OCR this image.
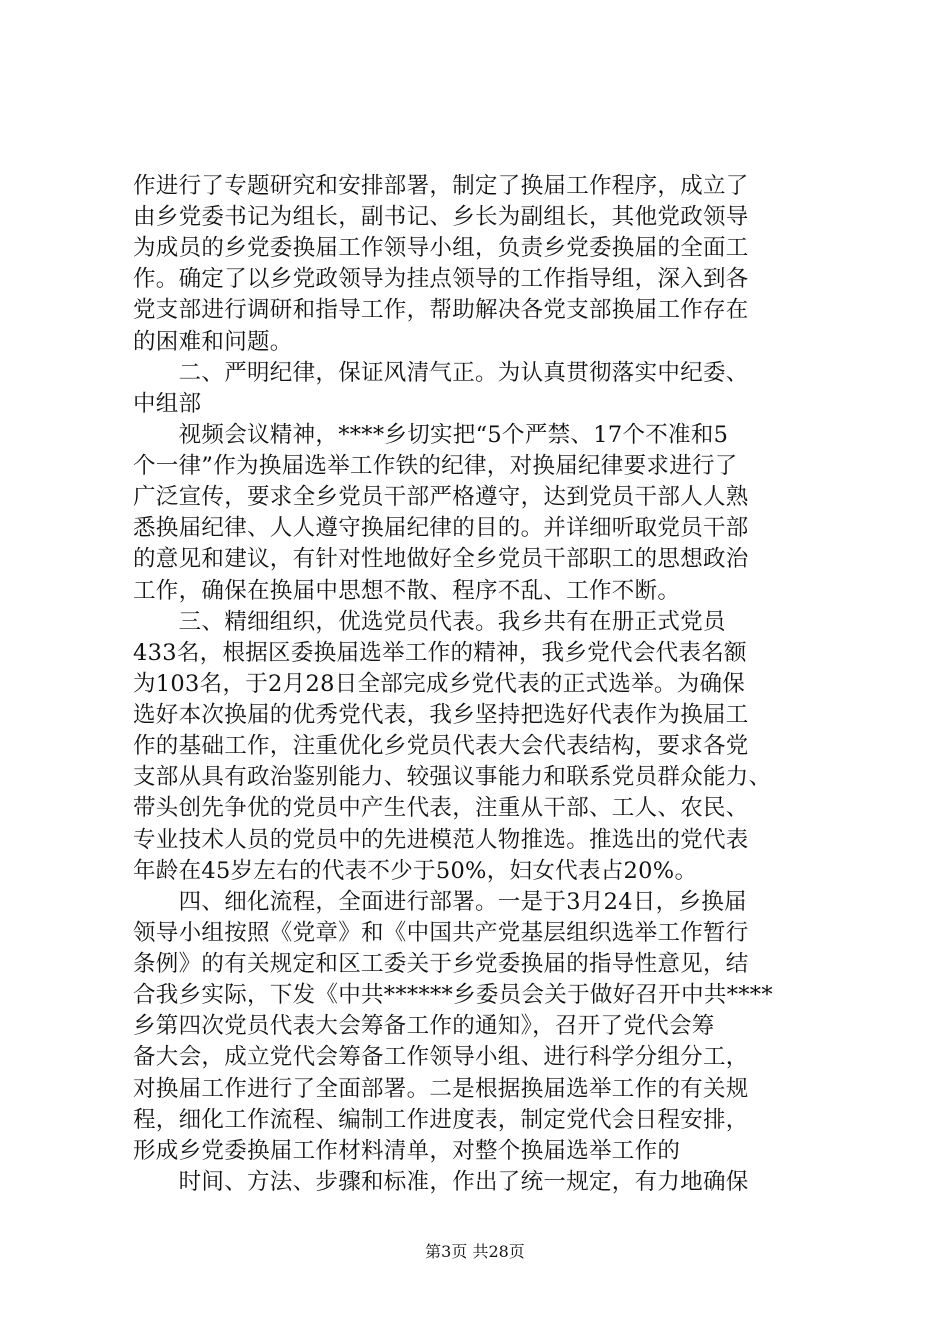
作进行了专题研究和安排部署，制定了换届工作程序，成立了
由乡党委书记为组长，副书记、乡长为副组长，其他党政领导
为成员的乡党委换届工作领导小组，负责乡党委换届的全面工
作。确定了以乡党政领导为挂点领导的工作指导组，深入到各
党支部进行调研和指导工作，帮助解决各党支部换届工作存在
的困难和问题。
　　二、严明纪律，保证风清气正。为认真贯彻落实中纪委、
中组部
　　视频会议精神，****乡切实把“5个严禁、17个不准和5
个一律”作为换届选举工作铁的纪律，对换届纪律要求进行了
广泛宣传，要求全乡党员干部严格遵守，达到党员干部人人熟
悉换届纪律、人人遵守换届纪律的目的。并详细听取党员干部
的意见和建议，有针对性地做好全乡党员干部职工的思想政治
工作，确保在换届中思想不散、程序不乱、工作不断。
　　三、精细组织，优选党员代表。我乡共有在册正式党员
433名，根据区委换届选举工作的精神，我乡党代会代表名额
为103名，于2月28日全部完成乡党代表的正式选举。为确保
选好本次换届的优秀党代表，我乡坚持把选好代表作为换届工
作的基础工作，注重优化乡党员代表大会代表结构，要求各党
支部从具有政治鉴别能力、较强议事能力和联系党员群众能力、
带头创先争优的党员中产生代表，注重从干部、工人、农民、
专业技术人员的党员中的先进模范人物推选。推选出的党代表
年龄在45岁左右的代表不少于50%，妇女代表占20%。
　　四、细化流程，全面进行部署。一是于3月24日，乡换届
领导小组按照《党章》和《中国共产党基层组织选举工作暂行
条例》的有关规定和区工委关于乡党委换届的指导性意见，结
合我乡实际，下发《中共******乡委员会关于做好召开中共****
乡第四次党员代表大会筹备工作的通知》，召开了党代会筹
备大会，成立党代会筹备工作领导小组、进行科学分组分工，
对换届工作进行了全面部署。二是根据换届选举工作的有关规
程，细化工作流程、编制工作进度表，制定党代会日程安排，
形成乡党委换届工作材料清单，对整个换届选举工作的
　　时间、方法、步骤和标准，作出了统一规定，有力地确保
第3页 共28页
